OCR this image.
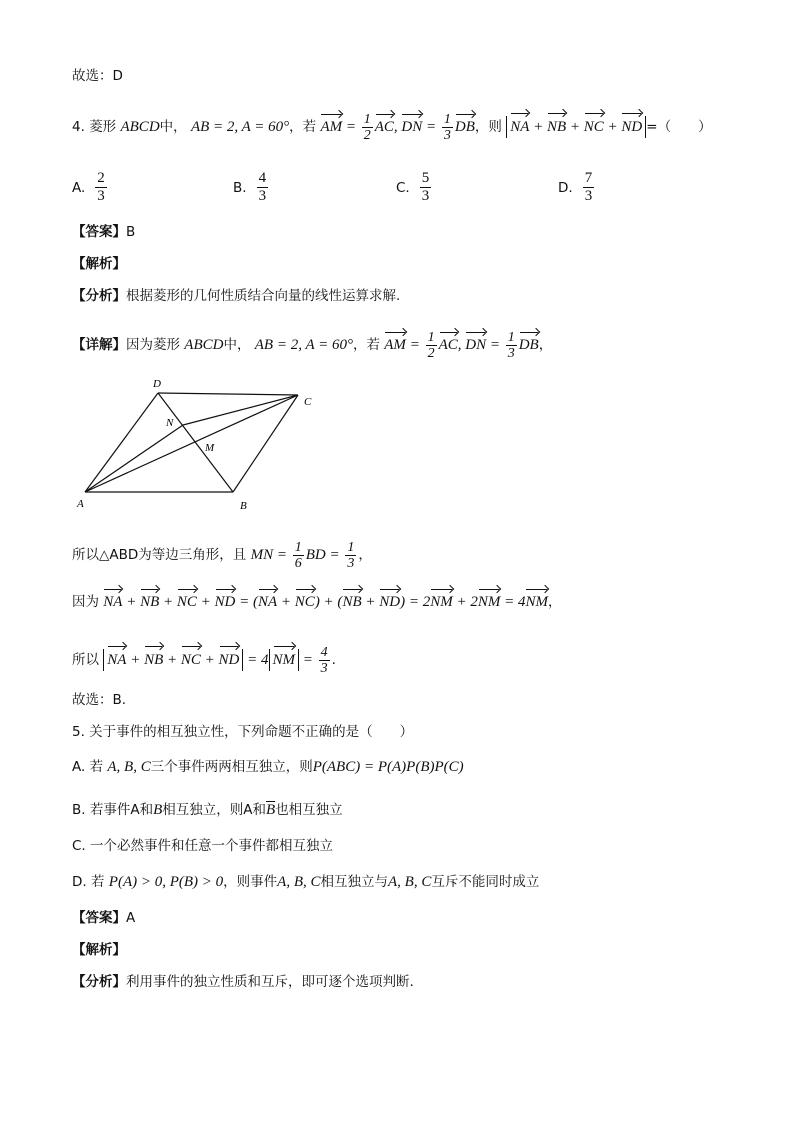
故选：D
4. 菱形 ABCD中， AB = 2, A = 60°，若 AM = $\frac{1}{2}$ AC, DN = $\frac{1}{3}$ DB，则 NA + NB + NC + ND =（　　）
A. $\frac{2}{3}$	B. $\frac{4}{3}$	C. $\frac{5}{3}$	D. $\frac{7}{3}$
【答案】B
【解析】
【分析】根据菱形的几何性质结合向量的线性运算求解.
【详解】因为菱形 ABCD中， AB = 2, A = 60°，若 AM = $\frac{1}{2}$ AC, DN = $\frac{1}{3}$ DB，
A	B
C
D
M
N
所以△ABD为等边三角形，且 MN = $\frac{1}{6}$ BD = $\frac{1}{3}$ ，
因为 NA + NB + NC + ND = (NA + NC) + (NB + ND) = 2NM + 2NM = 4NM，
所以 NA + NB + NC + ND = 4 NM = $\frac{4}{3}$ .
故选：B.
5. 关于事件的相互独立性，下列命题不正确的是（　　）
A. 若 A, B, C三个事件两两相互独立，则P(ABC) = P(A)P(B)P(C)
B. 若事件A和B相互独立，则A和$\overline{B}$也相互独立
C. 一个必然事件和任意一个事件都相互独立
D. 若 P(A) > 0, P(B) > 0，则事件A, B, C相互独立与A, B, C互斥不能同时成立
【答案】A
【解析】
【分析】利用事件的独立性质和互斥，即可逐个选项判断.
